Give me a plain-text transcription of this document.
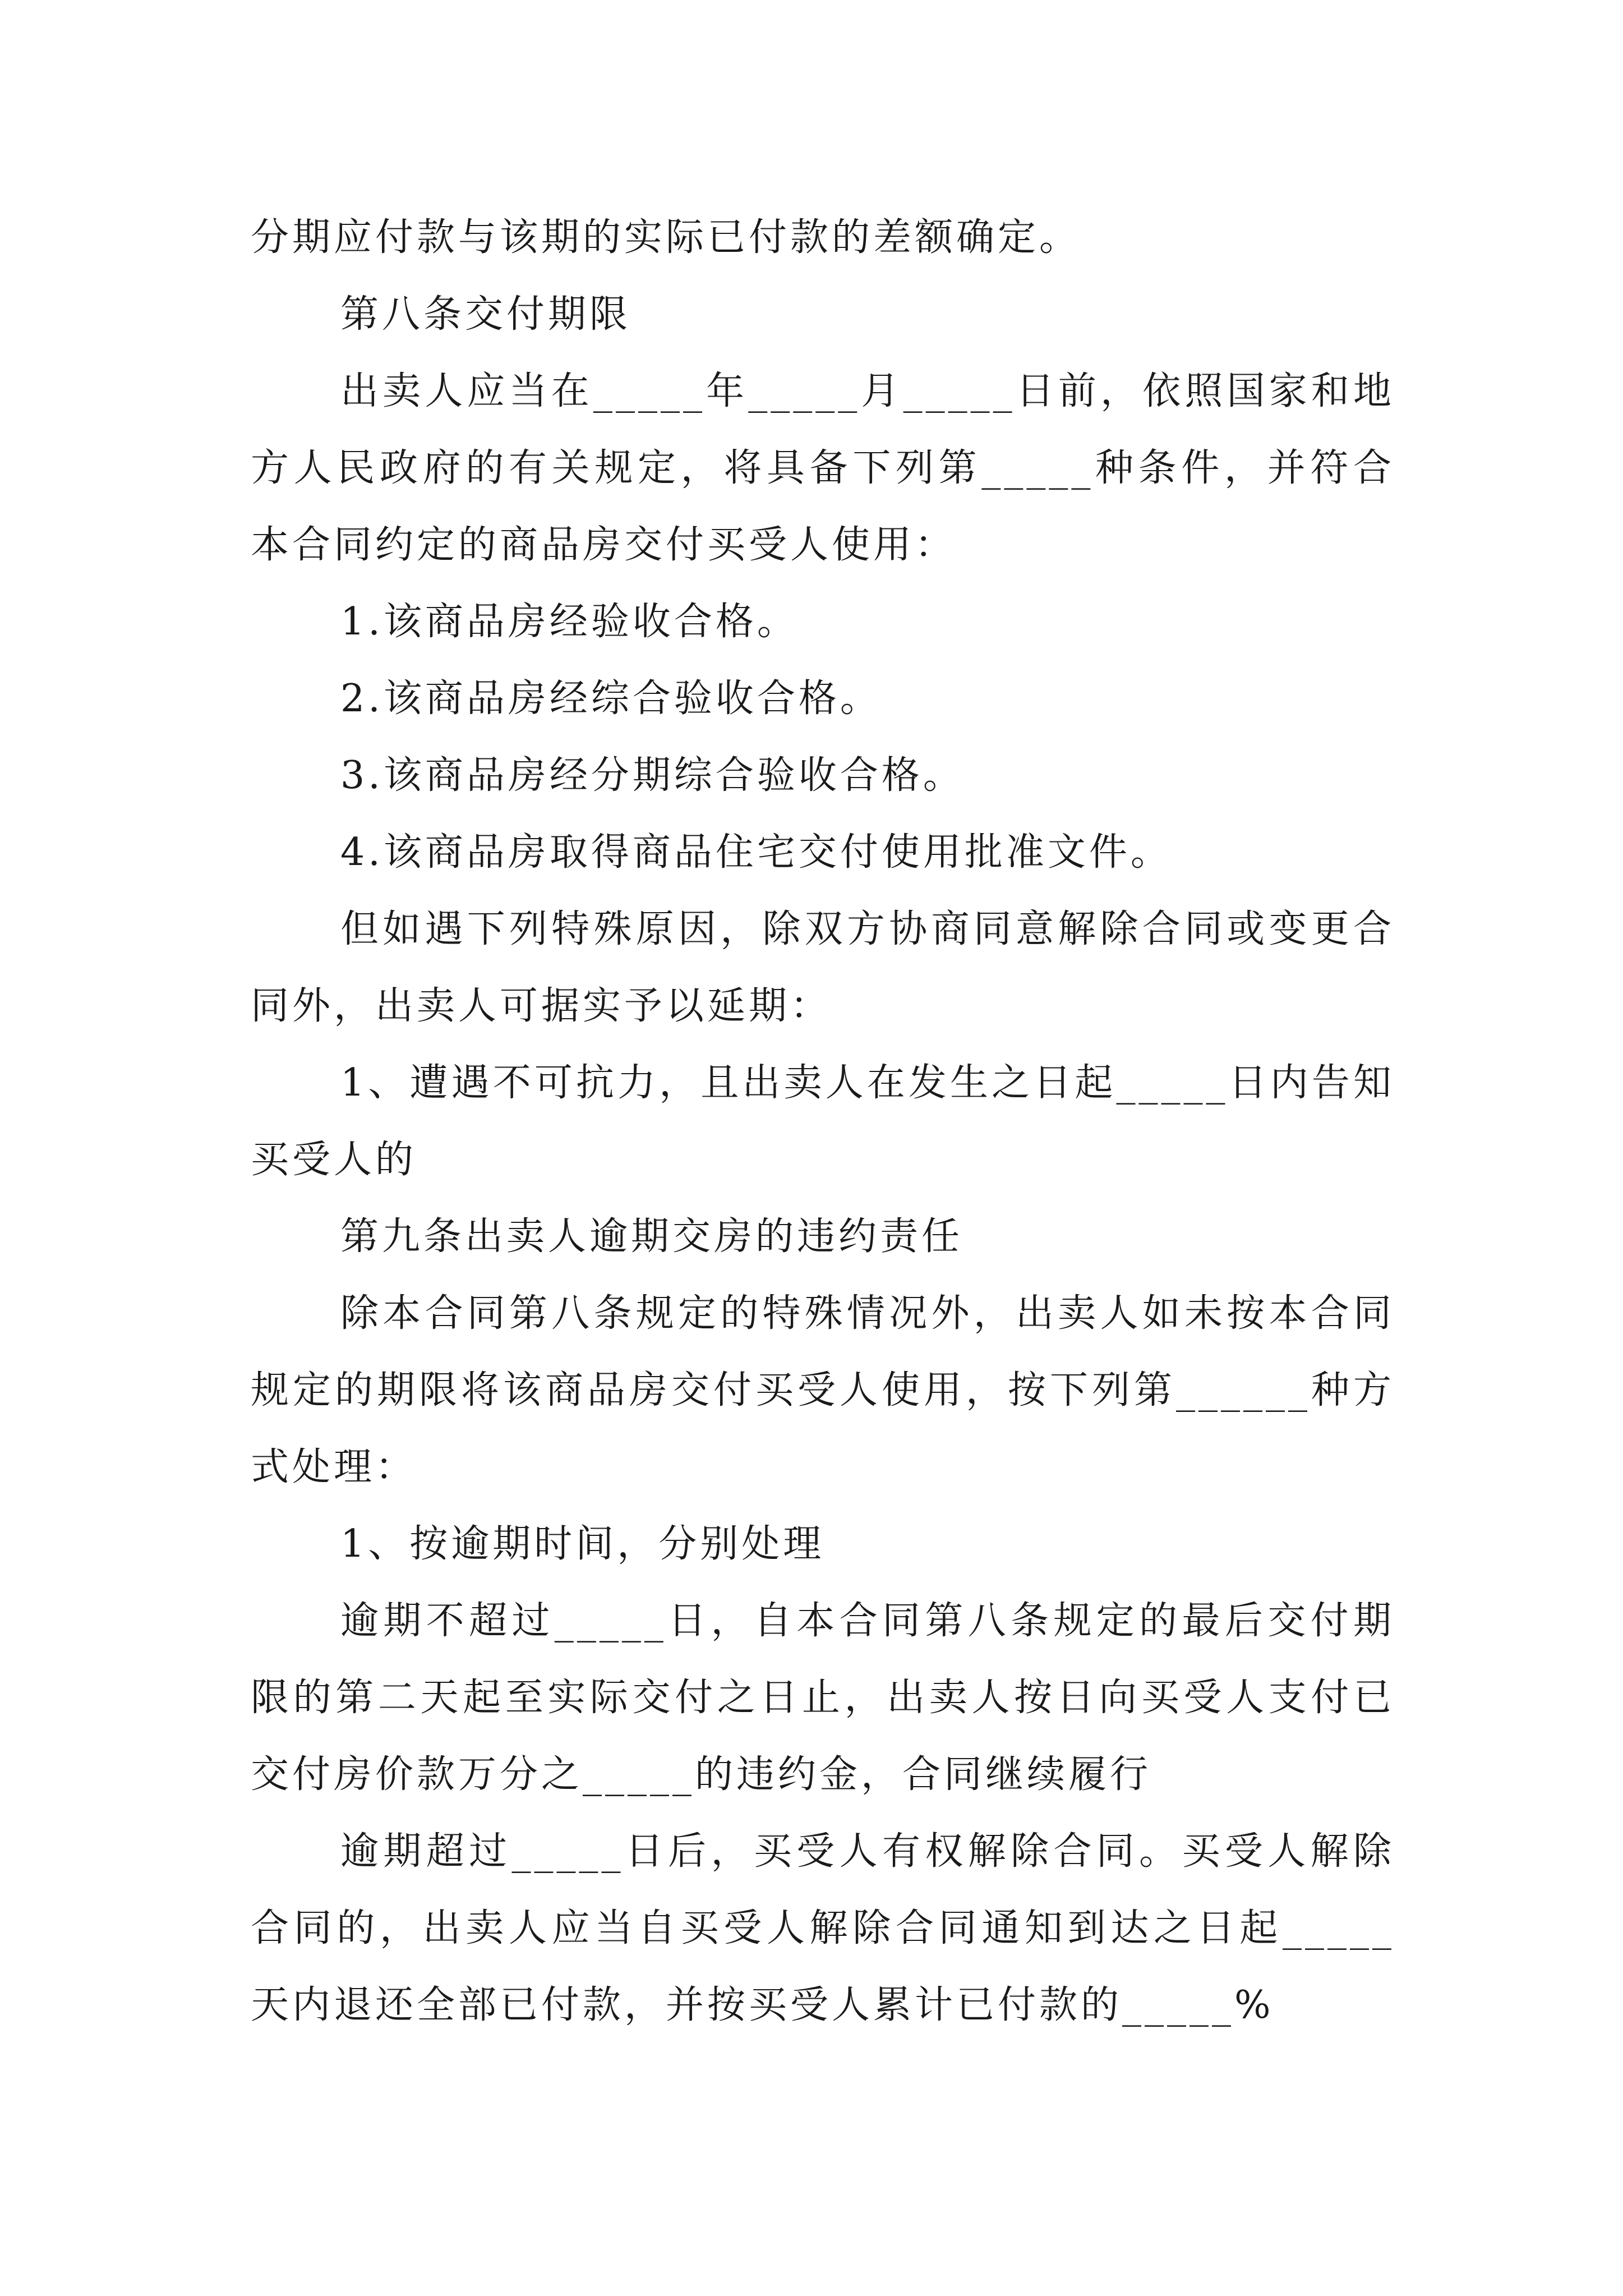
分期应付款与该期的实际已付款的差额确定。

第八条交付期限

出卖人应当在_____年_____月_____日前，依照国家和地方人民政府的有关规定，将具备下列第_____种条件，并符合本合同约定的商品房交付买受人使用：

1.该商品房经验收合格。

2.该商品房经综合验收合格。

3.该商品房经分期综合验收合格。

4.该商品房取得商品住宅交付使用批准文件。

但如遇下列特殊原因，除双方协商同意解除合同或变更合同外，出卖人可据实予以延期：

1、遭遇不可抗力，且出卖人在发生之日起_____日内告知买受人的

第九条出卖人逾期交房的违约责任

除本合同第八条规定的特殊情况外，出卖人如未按本合同规定的期限将该商品房交付买受人使用，按下列第______种方式处理：

1、按逾期时间，分别处理

逾期不超过_____日，自本合同第八条规定的最后交付期限的第二天起至实际交付之日止，出卖人按日向买受人支付已交付房价款万分之_____的违约金，合同继续履行

逾期超过_____日后，买受人有权解除合同。买受人解除合同的，出卖人应当自买受人解除合同通知到达之日起_____天内退还全部已付款，并按买受人累计已付款的_____%
